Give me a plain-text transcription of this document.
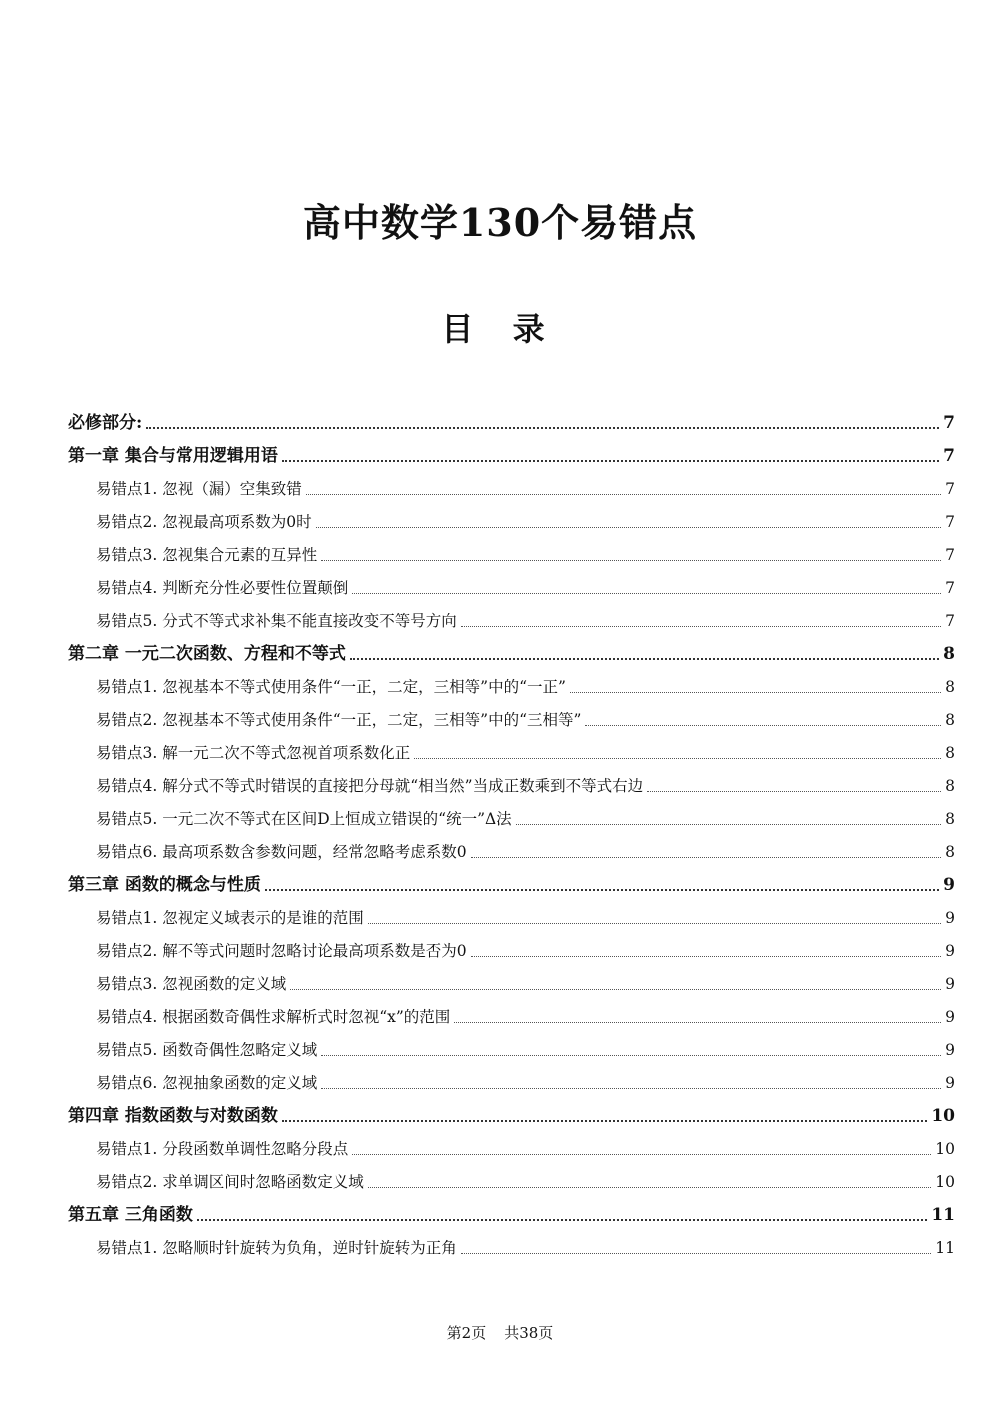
高中数学130个易错点
目 录
必修部分:	7
第一章 集合与常用逻辑用语	7
易错点1. 忽视（漏）空集致错	7
易错点2. 忽视最高项系数为0时	7
易错点3. 忽视集合元素的互异性	7
易错点4. 判断充分性必要性位置颠倒	7
易错点5. 分式不等式求补集不能直接改变不等号方向	7
第二章 一元二次函数、方程和不等式	8
易错点1. 忽视基本不等式使用条件“一正，二定，三相等”中的“一正”	8
易错点2. 忽视基本不等式使用条件“一正，二定，三相等”中的“三相等”	8
易错点3. 解一元二次不等式忽视首项系数化正	8
易错点4. 解分式不等式时错误的直接把分母就“相当然”当成正数乘到不等式右边	8
易错点5. 一元二次不等式在区间D上恒成立错误的“统一”Δ法	8
易错点6. 最高项系数含参数问题，经常忽略考虑系数0	8
第三章 函数的概念与性质	9
易错点1. 忽视定义域表示的是谁的范围	9
易错点2. 解不等式问题时忽略讨论最高项系数是否为0	9
易错点3. 忽视函数的定义域	9
易错点4. 根据函数奇偶性求解析式时忽视“x”的范围	9
易错点5. 函数奇偶性忽略定义域	9
易错点6. 忽视抽象函数的定义域	9
第四章 指数函数与对数函数	10
易错点1. 分段函数单调性忽略分段点	10
易错点2. 求单调区间时忽略函数定义域	10
第五章 三角函数	11
易错点1. 忽略顺时针旋转为负角，逆时针旋转为正角	11
第2页 共38页
